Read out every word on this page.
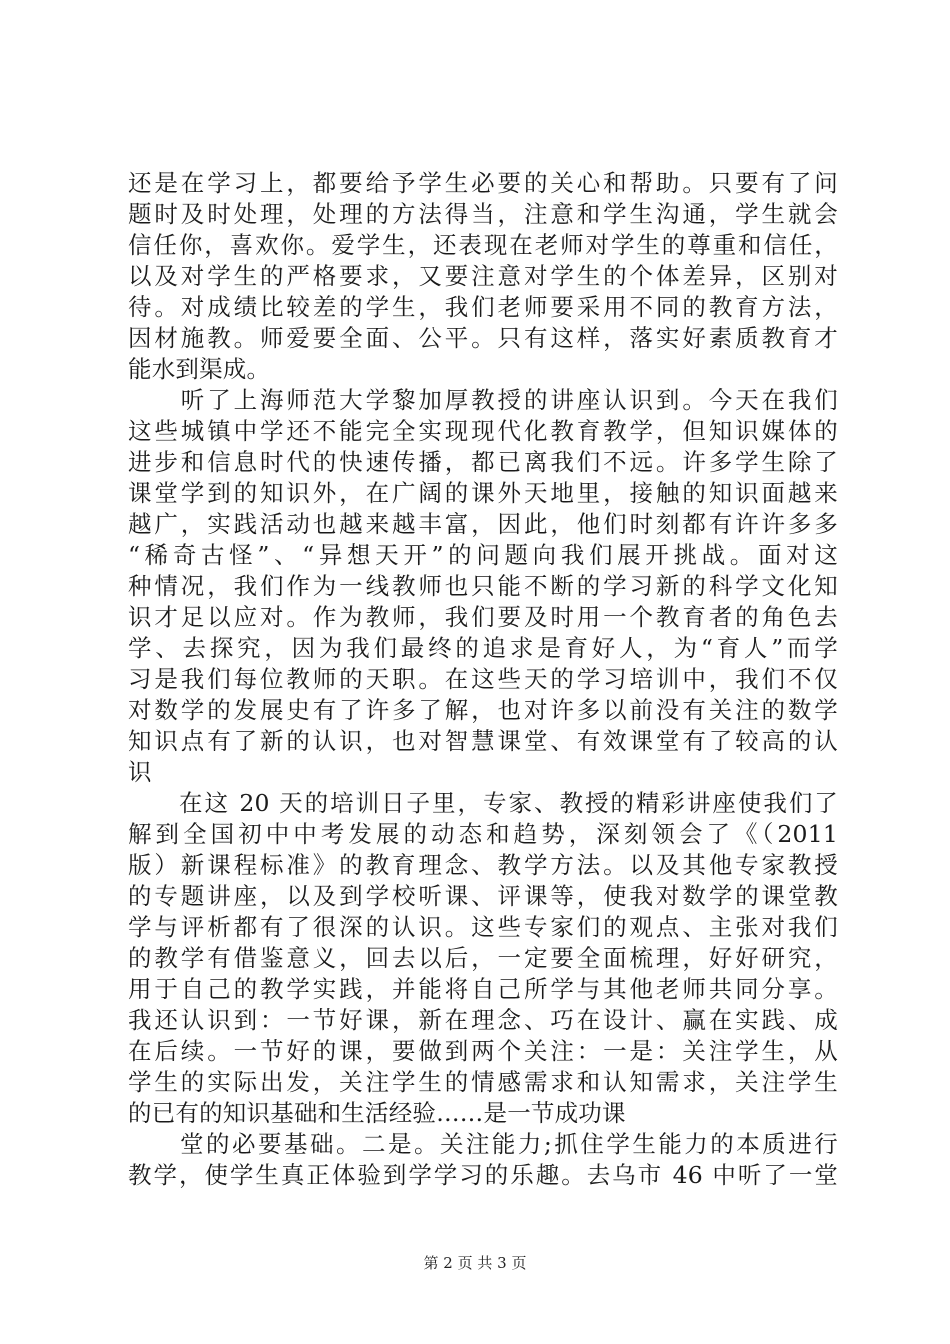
还是在学习上，都要给予学生必要的关心和帮助。只要有了问
题时及时处理，处理的方法得当，注意和学生沟通，学生就会
信任你，喜欢你。爱学生，还表现在老师对学生的尊重和信任，
以及对学生的严格要求，又要注意对学生的个体差异，区别对
待。对成绩比较差的学生，我们老师要采用不同的教育方法，
因材施教。师爱要全面、公平。只有这样，落实好素质教育才
能水到渠成。
　　听了上海师范大学黎加厚教授的讲座认识到。今天在我们
这些城镇中学还不能完全实现现代化教育教学，但知识媒体的
进步和信息时代的快速传播，都已离我们不远。许多学生除了
课堂学到的知识外，在广阔的课外天地里，接触的知识面越来
越广，实践活动也越来越丰富，因此，他们时刻都有许许多多
“稀奇古怪”、“异想天开”的问题向我们展开挑战。面对这
种情况，我们作为一线教师也只能不断的学习新的科学文化知
识才足以应对。作为教师，我们要及时用一个教育者的角色去
学、去探究，因为我们最终的追求是育好人，为“育人”而学
习是我们每位教师的天职。在这些天的学习培训中，我们不仅
对数学的发展史有了许多了解，也对许多以前没有关注的数学
知识点有了新的认识，也对智慧课堂、有效课堂有了较高的认
识
　　在这 20 天的培训日子里，专家、教授的精彩讲座使我们了
解到全国初中中考发展的动态和趋势，深刻领会了《（2011
版）新课程标准》的教育理念、教学方法。以及其他专家教授
的专题讲座，以及到学校听课、评课等，使我对数学的课堂教
学与评析都有了很深的认识。这些专家们的观点、主张对我们
的教学有借鉴意义，回去以后，一定要全面梳理，好好研究，
用于自己的教学实践，并能将自己所学与其他老师共同分享。
我还认识到：一节好课，新在理念、巧在设计、赢在实践、成
在后续。一节好的课，要做到两个关注：一是：关注学生，从
学生的实际出发，关注学生的情感需求和认知需求，关注学生
的已有的知识基础和生活经验……是一节成功课
　　堂的必要基础。二是。关注能力;抓住学生能力的本质进行
教学，使学生真正体验到学学习的乐趣。去乌市 46 中听了一堂
第 2 页 共 3 页
